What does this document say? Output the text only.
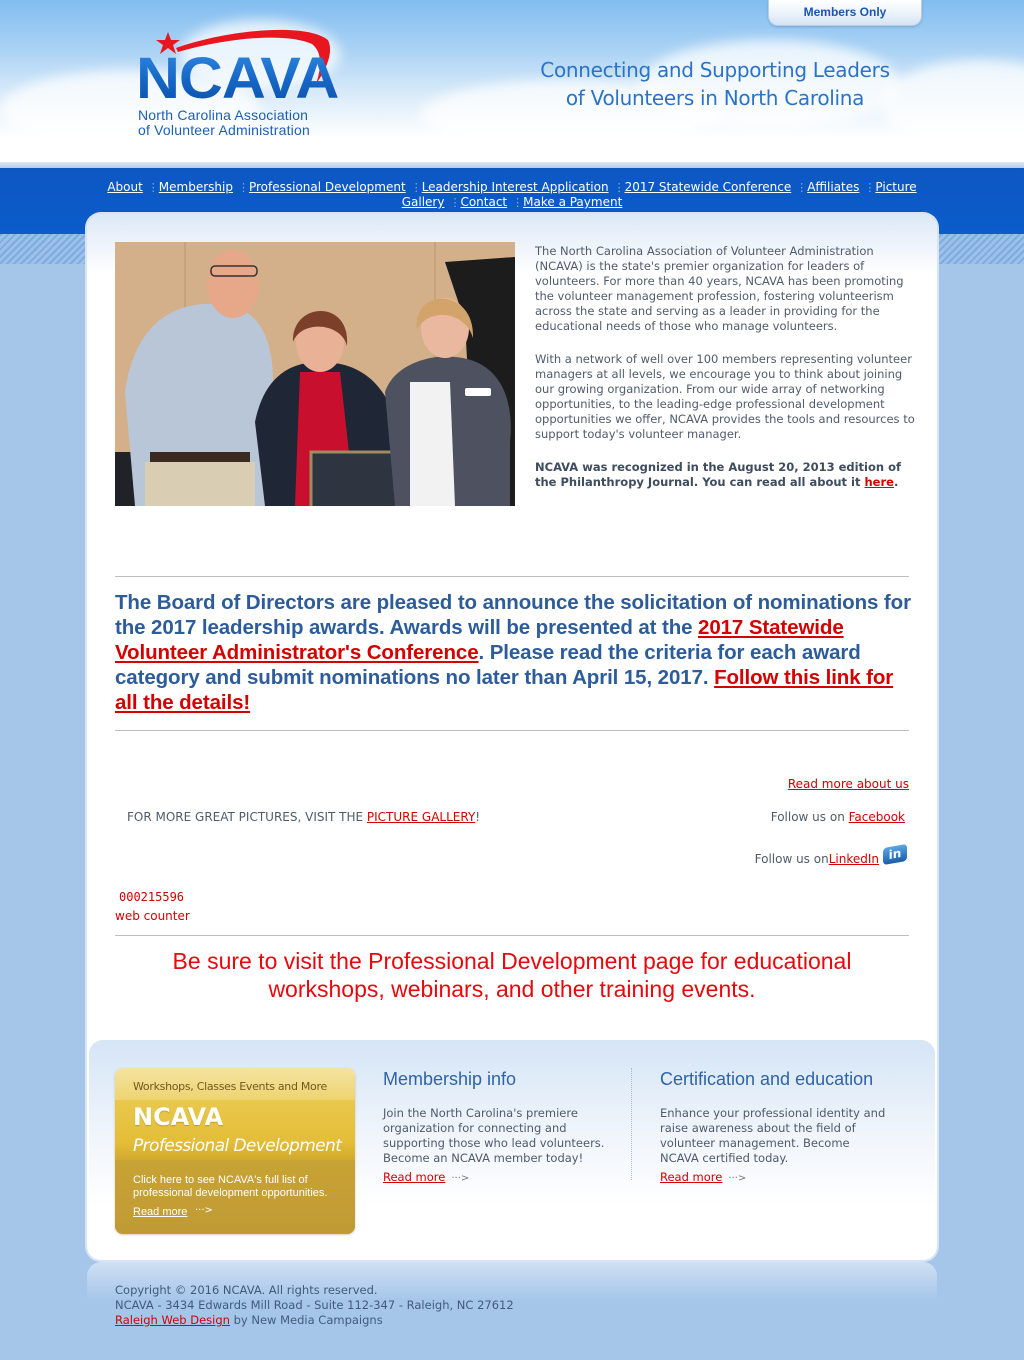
NCAVA
North Carolina Association
of Volunteer Administration
Connecting and Supporting Leaders
of Volunteers in North Carolina
Members Only
About ⋮Membership ⋮Professional Development ⋮Leadership Interest Application ⋮2017 Statewide Conference ⋮Affiliates ⋮Picture Gallery ⋮Contact ⋮Make a Payment

The North Carolina Association of Volunteer Administration (NCAVA) is the state's premier organization for leaders of volunteers. For more than 40 years, NCAVA has been promoting the volunteer management profession, fostering volunteerism across the state and serving as a leader in providing for the educational needs of those who manage volunteers.

With a network of well over 100 members representing volunteer managers at all levels, we encourage you to think about joining our growing organization. From our wide array of networking opportunities, to the leading-edge professional development opportunities we offer, NCAVA provides the tools and resources to support today's volunteer manager.

NCAVA was recognized in the August 20, 2013 edition of the Philanthropy Journal. You can read all about it here.

The Board of Directors are pleased to announce the solicitation of nominations for the 2017 leadership awards. Awards will be presented at the 2017 Statewide Volunteer Administrator's Conference. Please read the criteria for each award category and submit nominations no later than April 15, 2017. Follow this link for all the details!
Read more about us
FOR MORE GREAT PICTURES, VISIT THE PICTURE GALLERY!	Follow us on Facebook
Follow us on LinkedIn in
000215596
web counter
Be sure to visit the Professional Development page for educational
workshops, webinars, and other training events.
Workshops, Classes Events and More
NCAVA
Professional Development
Click here to see NCAVA's full list of professional development opportunities.
Read more ···>
Membership info

Join the North Carolina's premiere organization for connecting and supporting those who lead volunteers. Become an NCAVA member today!

Read more ···>
Certification and education

Enhance your professional identity and raise awareness about the field of volunteer management. Become NCAVA certified today.

Read more ···>
Copyright © 2016 NCAVA. All rights reserved.
NCAVA - 3434 Edwards Mill Road - Suite 112-347 - Raleigh, NC 27612
Raleigh Web Design by New Media Campaigns
